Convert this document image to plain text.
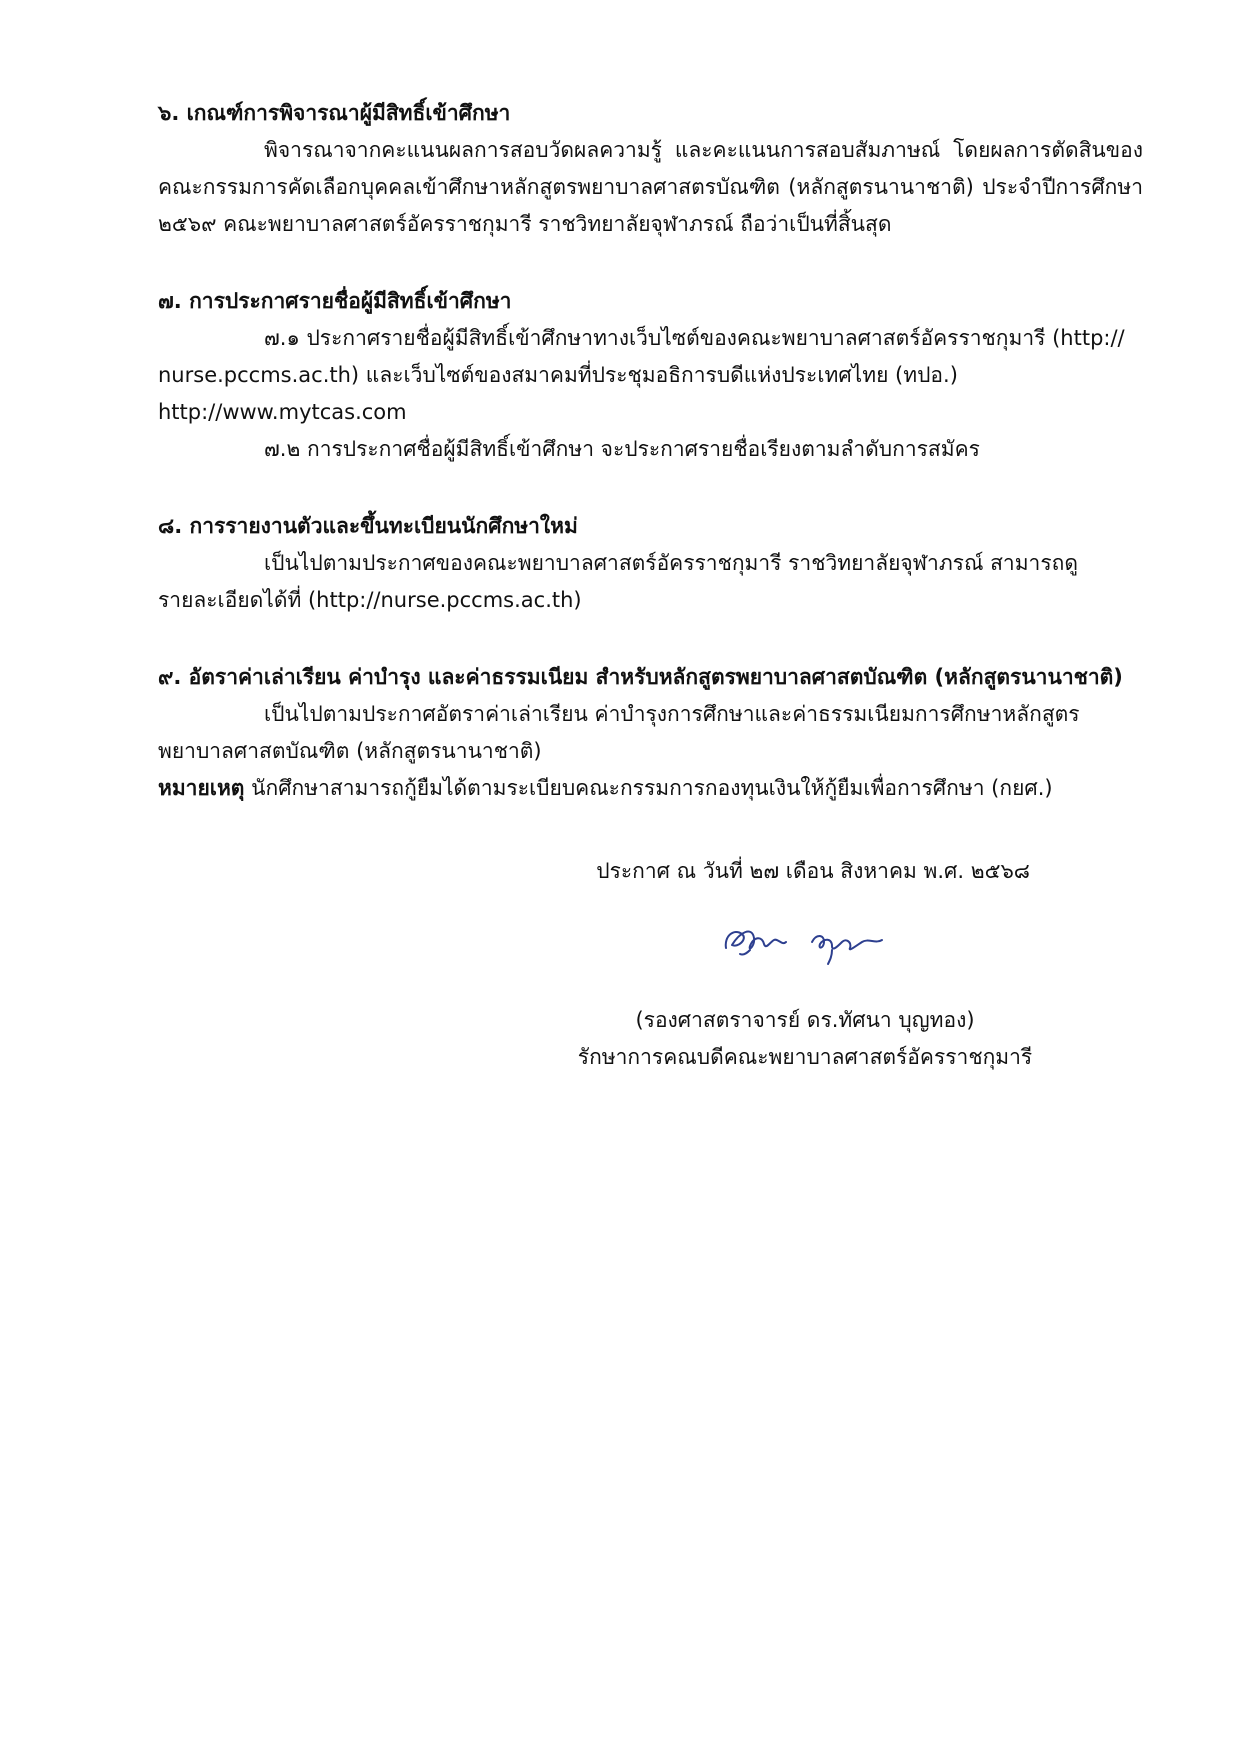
๖. เกณฑ์การพิจารณาผู้มีสิทธิ์เข้าศึกษา

พิจารณาจากคะแนนผลการสอบวัดผลความรู้ และคะแนนการสอบสัมภาษณ์ โดยผลการตัดสินของคณะกรรมการคัดเลือกบุคคลเข้าศึกษาหลักสูตรพยาบาลศาสตรบัณฑิต (หลักสูตรนานาชาติ) ประจำปีการศึกษา ๒๕๖๙ คณะพยาบาลศาสตร์อัครราชกุมารี ราชวิทยาลัยจุฬาภรณ์ ถือว่าเป็นที่สิ้นสุด

๗. การประกาศรายชื่อผู้มีสิทธิ์เข้าศึกษา

๗.๑ ประกาศรายชื่อผู้มีสิทธิ์เข้าศึกษาทางเว็บไซต์ของคณะพยาบาลศาสตร์อัครราชกุมารี (http://

nurse.pccms.ac.th) และเว็บไซต์ของสมาคมที่ประชุมอธิการบดีแห่งประเทศไทย (ทปอ.)

http://www.mytcas.com

๗.๒ การประกาศชื่อผู้มีสิทธิ์เข้าศึกษา จะประกาศรายชื่อเรียงตามลำดับการสมัคร

๘. การรายงานตัวและขึ้นทะเบียนนักศึกษาใหม่

เป็นไปตามประกาศของคณะพยาบาลศาสตร์อัครราชกุมารี ราชวิทยาลัยจุฬาภรณ์ สามารถดู

รายละเอียดได้ที่ (http://nurse.pccms.ac.th)

๙. อัตราค่าเล่าเรียน ค่าบำรุง และค่าธรรมเนียม สำหรับหลักสูตรพยาบาลศาสตบัณฑิต (หลักสูตรนานาชาติ)

เป็นไปตามประกาศอัตราค่าเล่าเรียน ค่าบำรุงการศึกษาและค่าธรรมเนียมการศึกษาหลักสูตร

พยาบาลศาสตบัณฑิต (หลักสูตรนานาชาติ)

หมายเหตุ นักศึกษาสามารถกู้ยืมได้ตามระเบียบคณะกรรมการกองทุนเงินให้กู้ยืมเพื่อการศึกษา (กยศ.)

ประกาศ ณ วันที่ ๒๗ เดือน สิงหาคม พ.ศ. ๒๕๖๘

(รองศาสตราจารย์ ดร.ทัศนา บุญทอง)
รักษาการคณบดีคณะพยาบาลศาสตร์อัครราชกุมารี
